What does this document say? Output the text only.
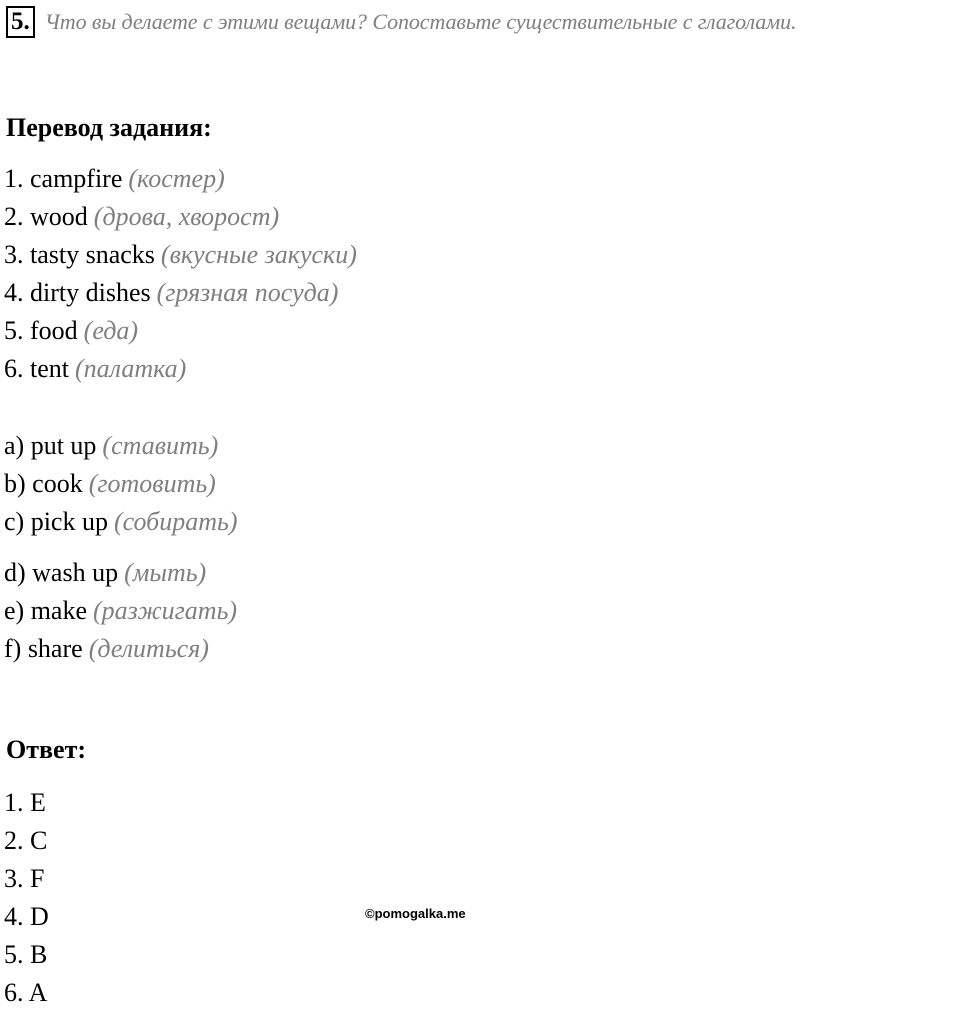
5. Что вы делаете с этими вещами? Сопоставьте существительные с глаголами.
Перевод задания:
1. campfire (костер)
2. wood (дрова, хворост)
3. tasty snacks (вкусные закуски)
4. dirty dishes (грязная посуда)
5. food (еда)
6. tent (палатка)
a) put up (ставить)
b) cook (готовить)
c) pick up (собирать)
d) wash up (мыть)
e) make (разжигать)
f) share (делиться)
Ответ:
1. E
2. C
3. F
4. D
5. B
6. A
©pomogalka.me
